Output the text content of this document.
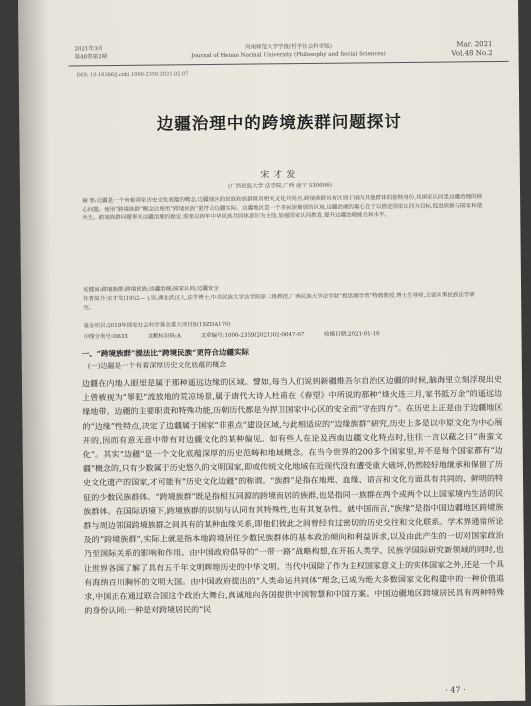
2021年3月
第48卷第2期
河南师范大学学报(哲学社会科学版)
Journal of Henan Normal University (Philosophy and Social Sciences)
Mar. 2021
Vol.48 No.2
DOI: 10.16366/j.cnki.1000-2359.2021.02.07
边疆治理中的跨境族群问题探讨
宋才发
(广西民族大学 法学院,广西 南宁 530006)
摘 要:边疆是一个有着国家历史文化底蕴的概念,边疆地区的民族和族群既有相关文化共同点,跨境族群具有区别于国内其他群体的独特身份,其国家认同是边疆治理的核心问题。使用“跨境族群”概念比使用“跨境民族”更符合边疆实际。边疆地区是一个多民族聚居的区域,边疆治理的重心在于以推进国家认同为目标,促进族群与国家和谐共生。跨境族群问题事关边疆治理的稳定,需要以铸牢中华民族共同体意识为主线,加强国家认同教育,提升边疆治理能力和水平。
关键词:跨境族群;跨境民族;边疆治理;国家认同;边疆安全
作者简介:宋才发(1952— ),男,湖北武汉人,法学博士,中央民族大学法学院原二级教授,广西民族大学法学院“相思湖学者”特聘教授,博士生导师,主要从事民族法学研究。
基金项目:2019年国家社会科学基金重大项目B(19ZDA170)
中图分类号:D633	文献标识码:A	文章编号:1000-2359(2021)02-0047-07	收稿日期:2021-01-10
一、“跨境族群”提法比“跨境民族”更符合边疆实际
(一)边疆是一个有着深厚历史文化底蕴的概念
边疆在内地人眼里是属于那种遥远边缘的区域。譬如,每当人们说到新疆维吾尔自治区边疆的时候,脑海里立刻浮现出史上曾被视为“罪犯”流放地的荒凉场景,属于唐代大诗人杜甫在《春望》中所说的那种“烽火连三月,家书抵万金”的遥远边缘地带。边疆的主要职责和特殊功能,历朝历代都是为捍卫国家中心区的安全而“守在四方”。在历史上正是由于边疆地区的“边缘”性特点,决定了边疆属于国家“非重点”建设区域,与此相适应的“边缘族群”研究,历史上多是以中原文化为中心展开的,因而有意无意中带有对边疆文化的某种偏见。如有些人在论及西南边疆文化特点时,往往一言以蔽之曰“南蛮文化”。其实“边疆”是一个文化底蕴深厚的历史范畴和地域概念。在当今世界的200多个国家里,并不是每个国家都有“边疆”概念的,只有少数属于历史悠久的文明国家,即或传统文化地域在近现代没有遭受重大破坏,仍然较好地继承和保留了历史文化遗产的国家,才可能有“历史文化边疆”的称谓。“族群”是指在地理、血缘、语言和文化方面具有共同的、鲜明的特征的少数民族群体。“跨境族群”既是指相互同源的跨境而居的族群,也是指同一族群在两个或两个以上国家境内生活的民族群体。在国际语境下,跨境族群的识别与认同有其特殊性,也有其复杂性。就中国而言,“族缘”是指中国边疆地区跨境族群与周边邻国跨境族群之间具有的某种血缘关系,即他们彼此之间曾经有过密切的历史交往和文化联系。学术界通常所论及的“跨境族群”,实际上就是指本地跨境居住少数民族群体的基本政治倾向和利益诉求,以及由此产生的一切对国家政治乃至国际关系的影响和作用。由中国政府倡导的“一带一路”战略构想,在开拓人类学、民族学国际研究新领域的同时,也让世界各国了解了具有五千年文明辉煌历史的中华文明。当代中国除了作为主权国家意义上的实体国家之外,还是一个具有海纳百川胸怀的文明大国。由中国政府提出的“人类命运共同体”理念,已成为绝大多数国家文化构建中的一种价值追求,中国正在通过联合国这个政治大舞台,真诚地向各国提供中国智慧和中国方案。中国边疆地区跨境居民具有两种特殊的身份认同:一种是对跨境居民的“民
· 47 ·
